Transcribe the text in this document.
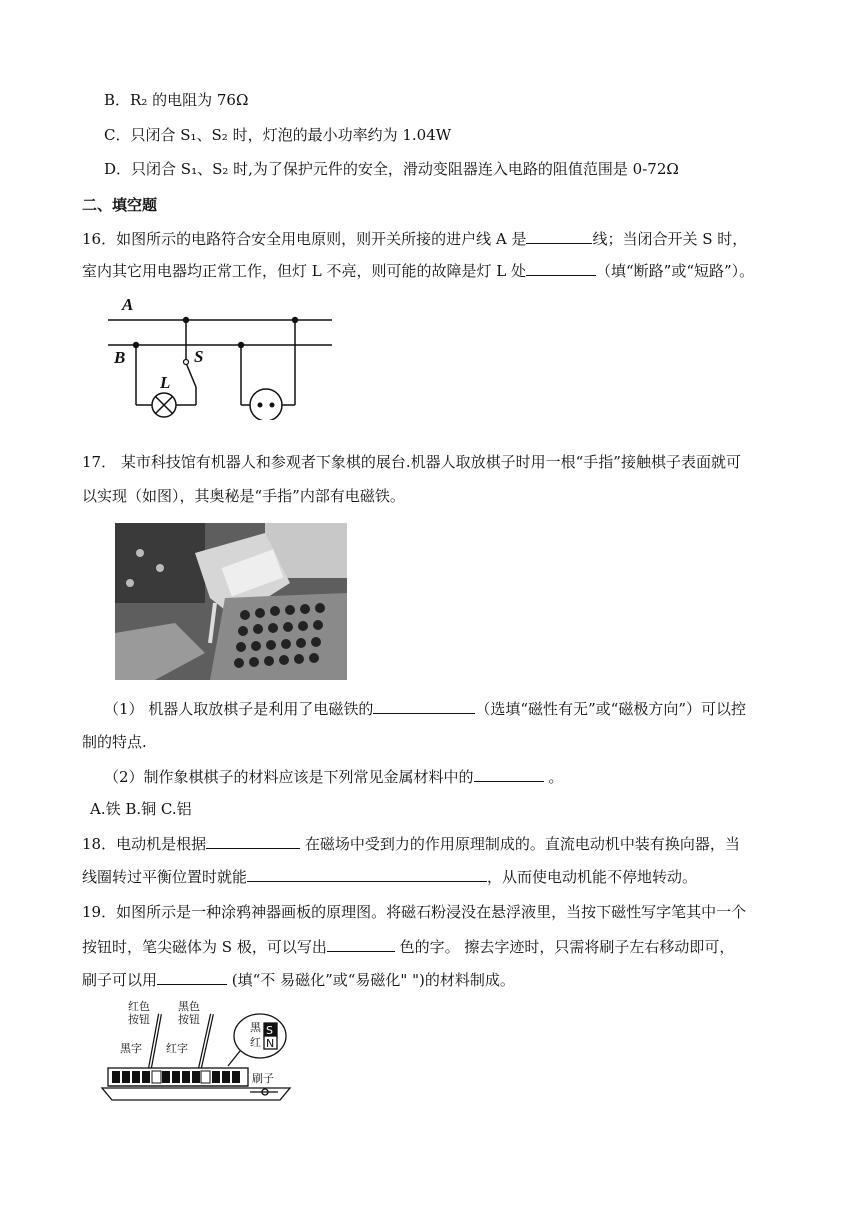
B．R₂ 的电阻为 76Ω
C．只闭合 S₁、S₂ 时，灯泡的最小功率约为 1.04W
D．只闭合 S₁、S₂ 时,为了保护元件的安全，滑动变阻器连入电路的阻值范围是 0-72Ω
二、填空题
16．如图所示的电路符合安全用电原则，则开关所接的进户线 A 是	线；当闭合开关 S 时，
室内其它用电器均正常工作，但灯 L 不亮，则可能的故障是灯 L 处	（填“断路”或“短路”）。
A
B
L
S
17． 某市科技馆有机器人和参观者下象棋的展台.机器人取放棋子时用一根“手指”接触棋子表面就可
以实现（如图），其奥秘是“手指”内部有电磁铁。
（1） 机器人取放棋子是利用了电磁铁的	（选填“磁性有无”或“磁极方向”）可以控
制的特点.
（2）制作象棋棋子的材料应该是下列常见金属材料中的	。
A.铁 B.铜 C.铝
18．电动机是根据	在磁场中受到力的作用原理制成的。直流电动机中装有换向器，当
线圈转过平衡位置时就能	，从而使电动机能不停地转动。
19．如图所示是一种涂鸦神器画板的原理图。将磁石粉浸没在悬浮液里，当按下磁性写字笔其中一个
按钮时，笔尖磁体为 S 极，可以写出	色的字。 擦去字迹时，只需将刷子左右移动即可，
刷子可以用	(填“不 易磁化”或“易磁化" ")的材料制成。
红色
按钮
黑色
按钮
黑字 红字
黑
红
刷子
S
N
